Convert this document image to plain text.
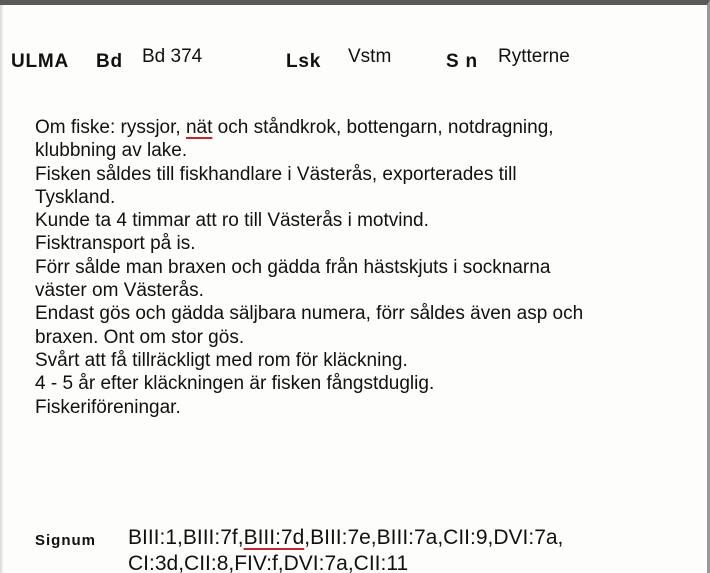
ULMA Bd Bd 374	Lsk Vstm	S n Rytterne
Om fiske: ryssjor, nät och ståndkrok, bottengarn, notdragning,
klubbning av lake.
Fisken såldes till fiskhandlare i Västerås, exporterades till
Tyskland.
Kunde ta 4 timmar att ro till Västerås i motvind.
Fisktransport på is.
Förr sålde man braxen och gädda från hästskjuts i socknarna
väster om Västerås.
Endast gös och gädda säljbara numera, förr såldes även asp och
braxen. Ont om stor gös.
Svårt att få tillräckligt med rom för kläckning.
4 - 5 år efter kläckningen är fisken fångstduglig.
Fiskeriföreningar.
Signum BIII:1,BIII:7f,BIII:7d,BIII:7e,BIII:7a,CII:9,DVI:7a,
CI:3d,CII:8,FIV:f,DVI:7a,CII:11
